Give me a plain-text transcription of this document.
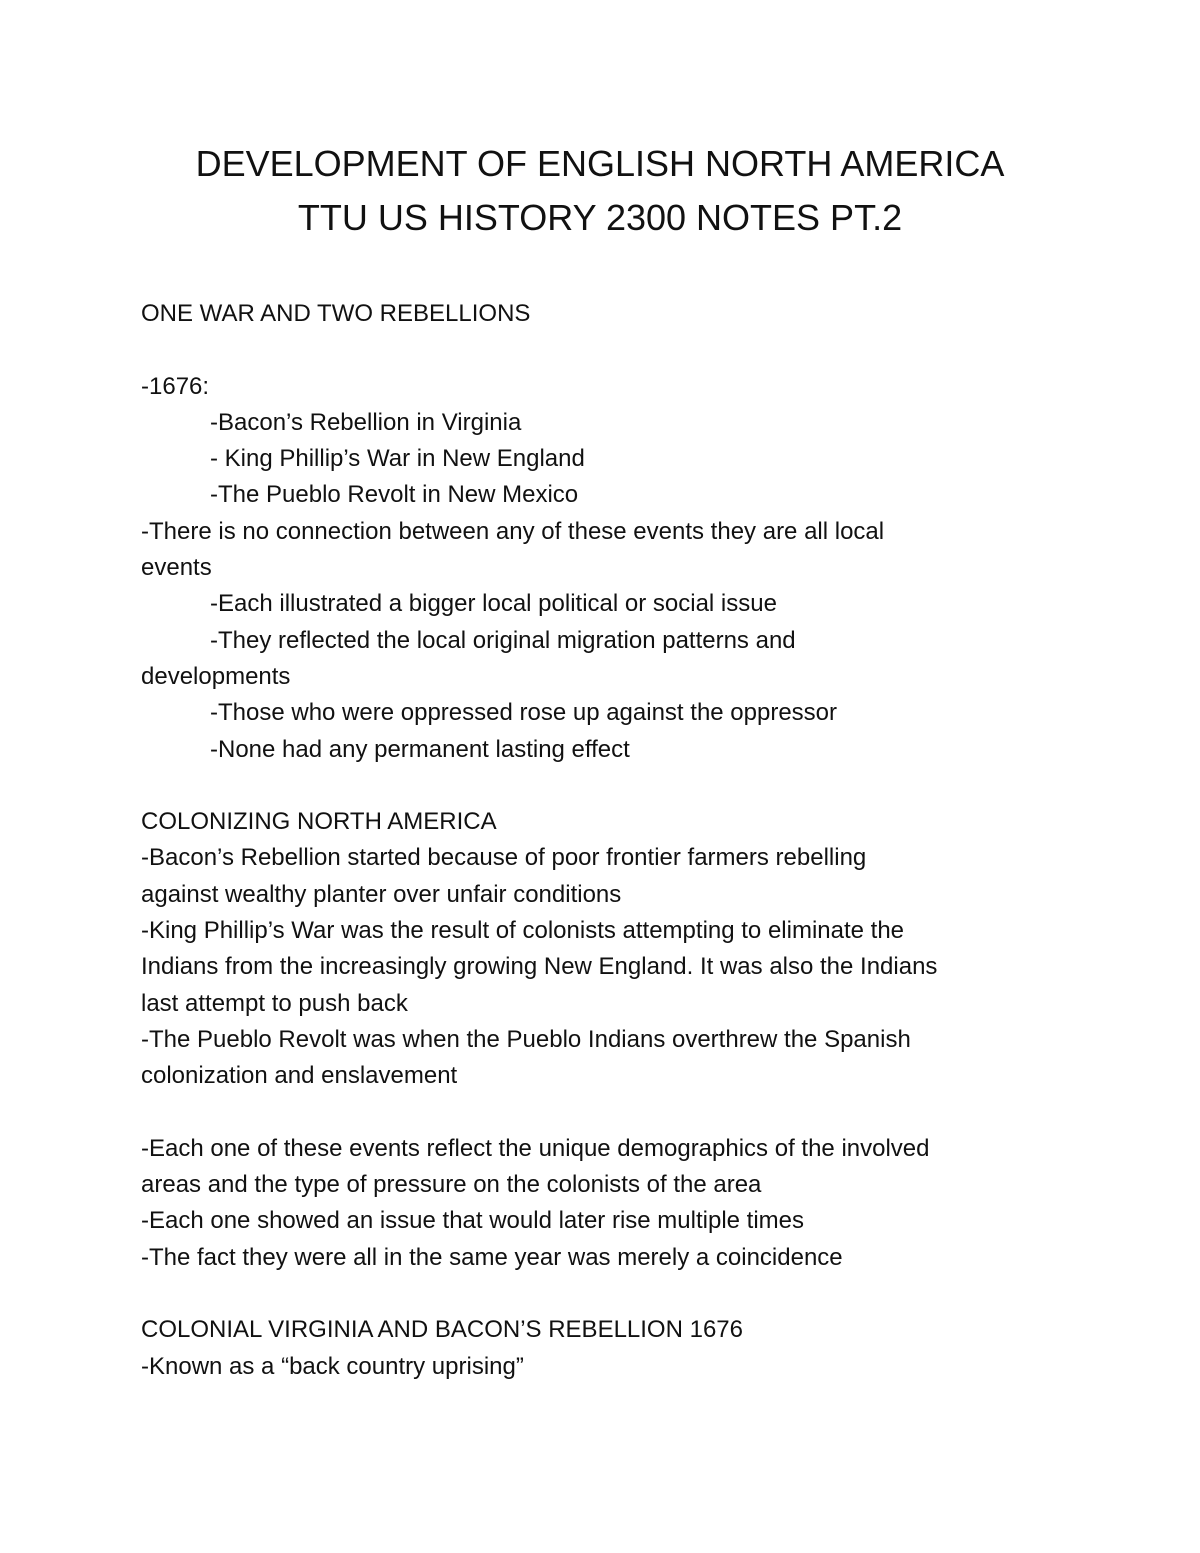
DEVELOPMENT OF ENGLISH NORTH AMERICA
TTU US HISTORY 2300 NOTES PT.2
ONE WAR AND TWO REBELLIONS
-1676:
-Bacon’s Rebellion in Virginia
- King Phillip’s War in New England
-The Pueblo Revolt in New Mexico
-There is no connection between any of these events they are all local
events
-Each illustrated a bigger local political or social issue
-They reflected the local original migration patterns and
developments
-Those who were oppressed rose up against the oppressor
-None had any permanent lasting effect
COLONIZING NORTH AMERICA
-Bacon’s Rebellion started because of poor frontier farmers rebelling
against wealthy planter over unfair conditions
-King Phillip’s War was the result of colonists attempting to eliminate the
Indians from the increasingly growing New England. It was also the Indians
last attempt to push back
-The Pueblo Revolt was when the Pueblo Indians overthrew the Spanish
colonization and enslavement
-Each one of these events reflect the unique demographics of the involved
areas and the type of pressure on the colonists of the area
-Each one showed an issue that would later rise multiple times
-The fact they were all in the same year was merely a coincidence
COLONIAL VIRGINIA AND BACON’S REBELLION 1676
-Known as a “back country uprising”
